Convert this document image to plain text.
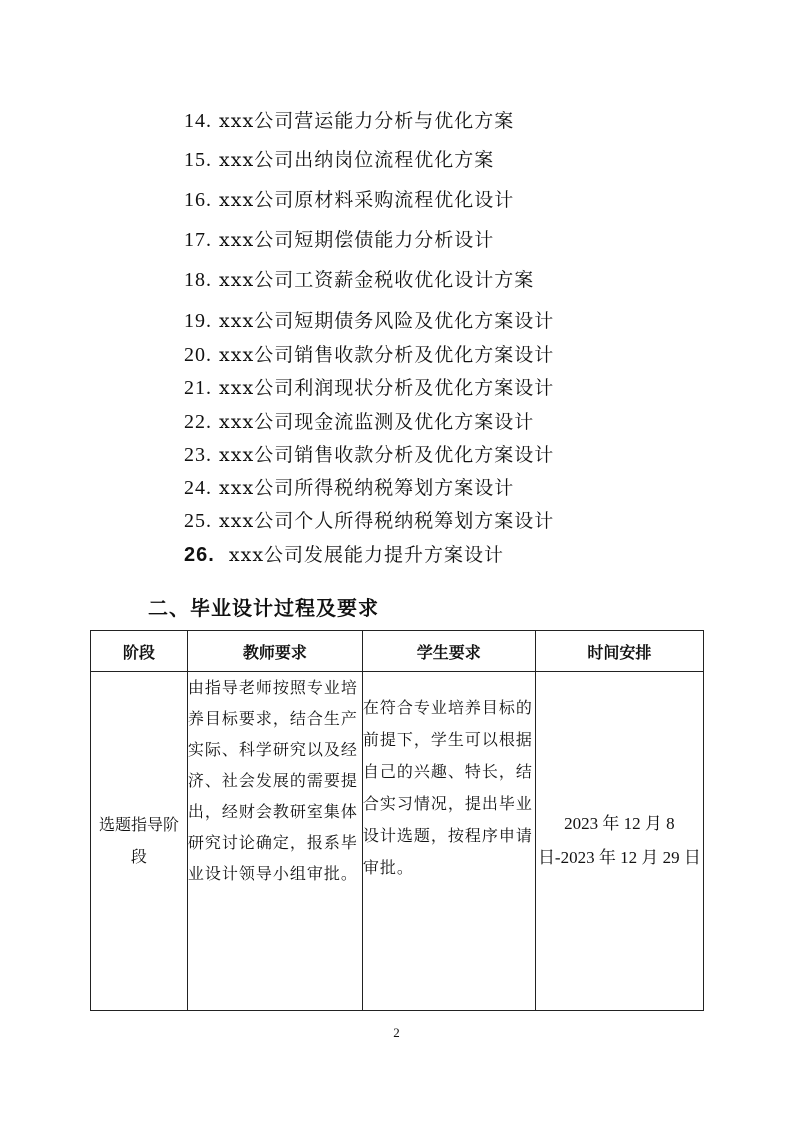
14. xxx公司营运能力分析与优化方案
15. xxx公司出纳岗位流程优化方案
16. xxx公司原材料采购流程优化设计
17. xxx公司短期偿债能力分析设计
18. xxx公司工资薪金税收优化设计方案
19. xxx公司短期债务风险及优化方案设计
20. xxx公司销售收款分析及优化方案设计
21. xxx公司利润现状分析及优化方案设计
22. xxx公司现金流监测及优化方案设计
23. xxx公司销售收款分析及优化方案设计
24. xxx公司所得税纳税筹划方案设计
25. xxx公司个人所得税纳税筹划方案设计
26. xxx公司发展能力提升方案设计
二、毕业设计过程及要求
阶段	教师要求	学生要求	时间安排
选题指导阶段	由指导老师按照专业培养目标要求，结合生产实际、科学研究以及经济、社会发展的需要提出，经财会教研室集体研究讨论确定，报系毕业设计领导小组审批。	在符合专业培养目标的前提下，学生可以根据自己的兴趣、特长，结合实习情况，提出毕业设计选题，按程序申请审批。	2023 年 12 月 8 日-2023 年 12 月 29 日
2
